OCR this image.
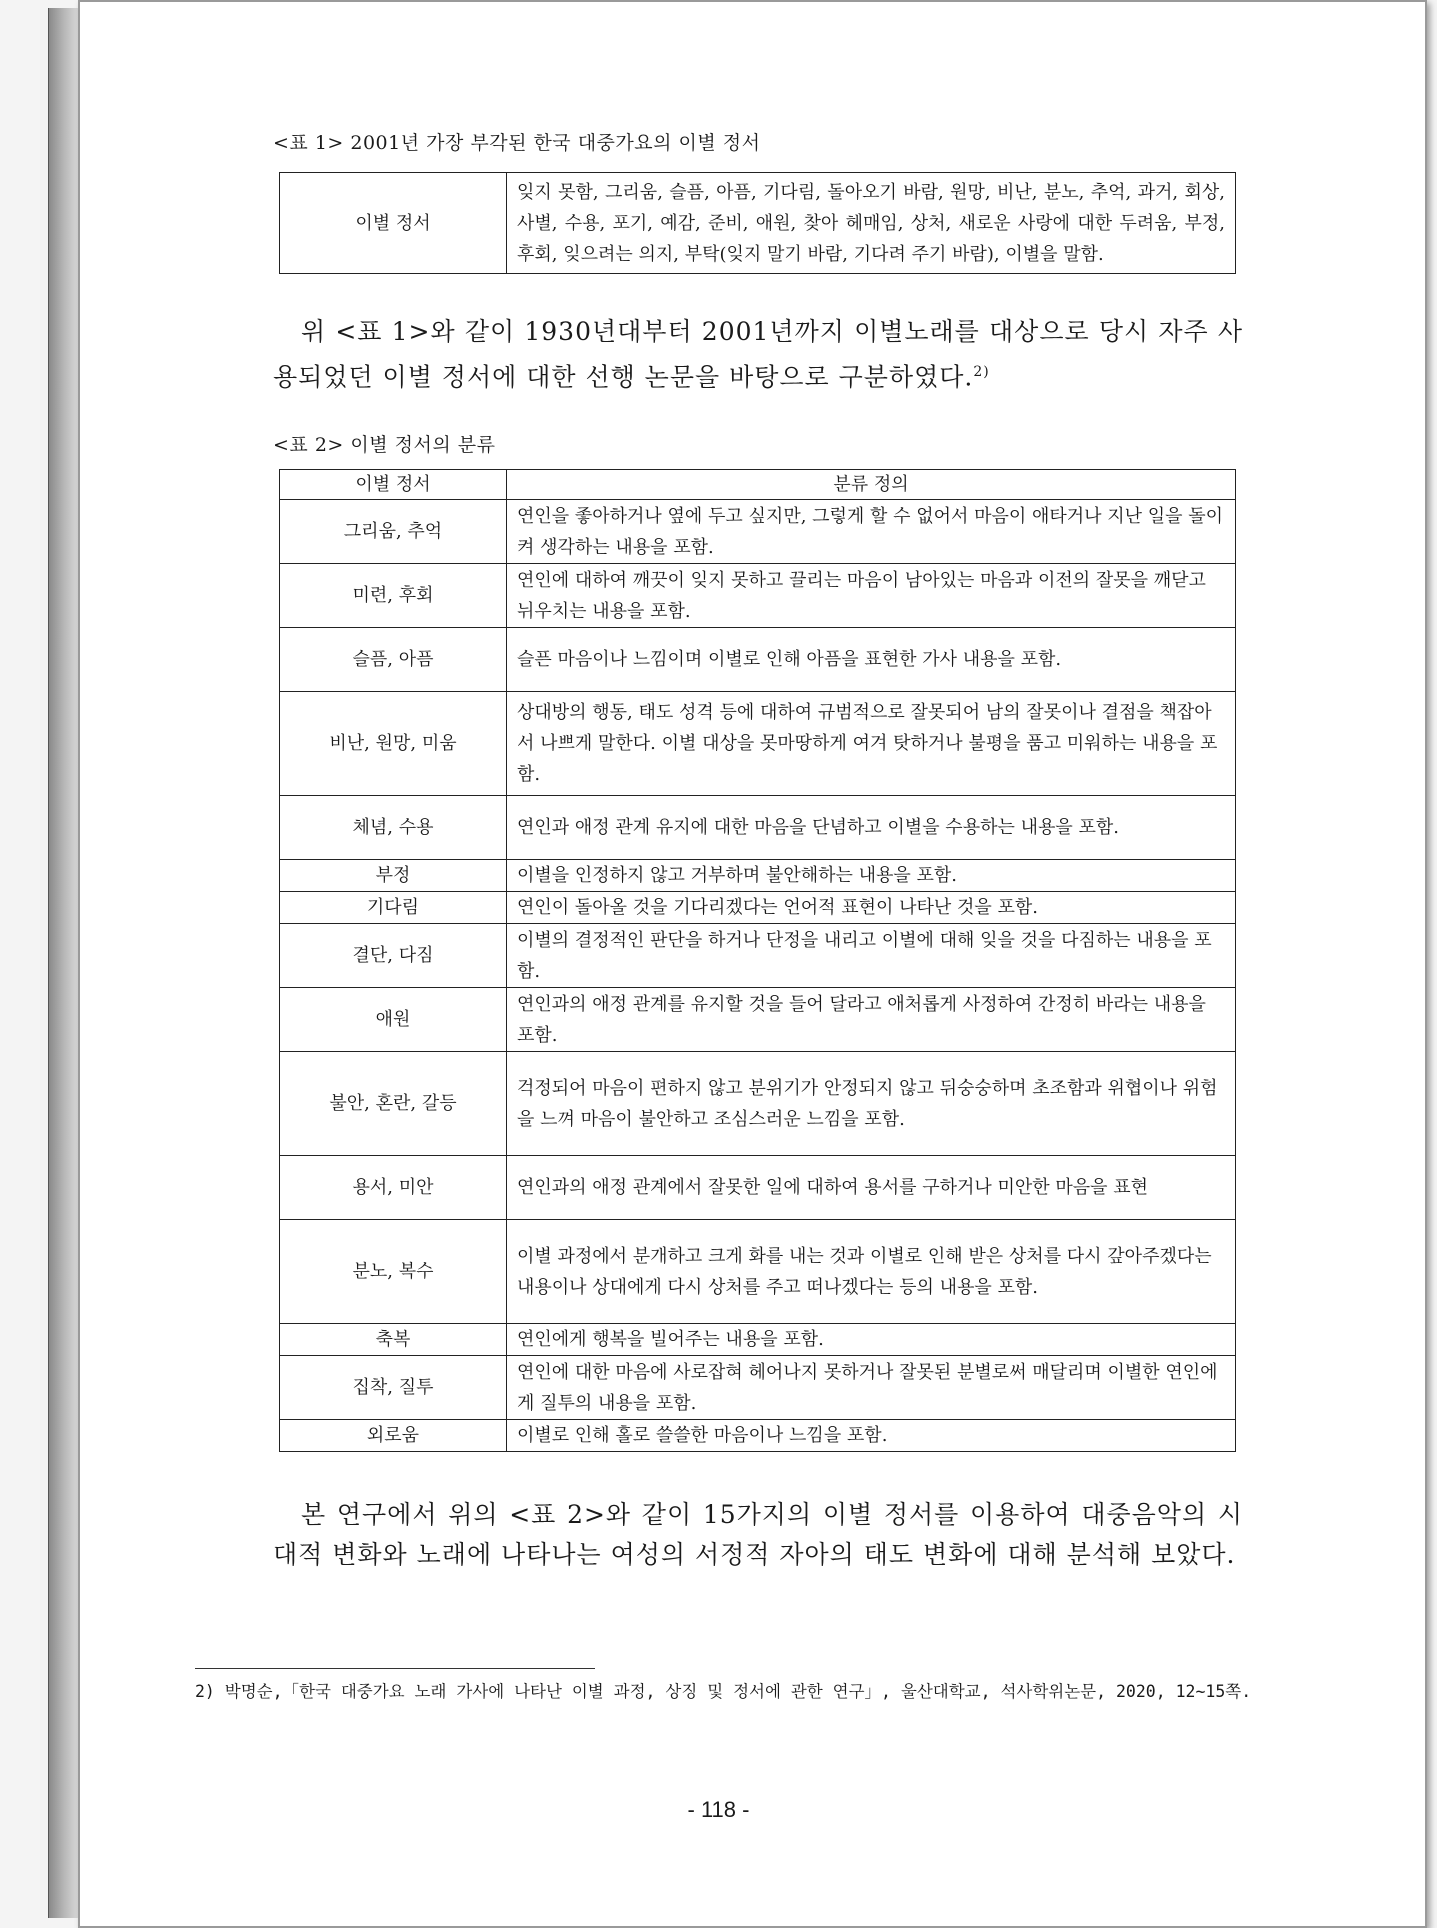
<표 1> 2001년 가장 부각된 한국 대중가요의 이별 정서
이별 정서	잊지 못함, 그리움, 슬픔, 아픔, 기다림, 돌아오기 바람, 원망, 비난, 분노, 추억, 과거, 회상, 사별, 수용, 포기, 예감, 준비, 애원, 찾아 헤매임, 상처, 새로운 사랑에 대한 두려움, 부정, 후회, 잊으려는 의지, 부탁(잊지 말기 바람, 기다려 주기 바람), 이별을 말함.
위 <표 1>와 같이 1930년대부터 2001년까지 이별노래를 대상으로 당시 자주 사용되었던 이별 정서에 대한 선행 논문을 바탕으로 구분하였다.$^{2)}$
<표 2> 이별 정서의 분류
이별 정서	분류 정의
그리움, 추억	연인을 좋아하거나 옆에 두고 싶지만, 그렇게 할 수 없어서 마음이 애타거나 지난 일을 돌이켜 생각하는 내용을 포함.
미련, 후회	연인에 대하여 깨끗이 잊지 못하고 끌리는 마음이 남아있는 마음과 이전의 잘못을 깨닫고 뉘우치는 내용을 포함.
슬픔, 아픔	슬픈 마음이나 느낌이며 이별로 인해 아픔을 표현한 가사 내용을 포함.
비난, 원망, 미움	상대방의 행동, 태도 성격 등에 대하여 규범적으로 잘못되어 남의 잘못이나 결점을 책잡아서 나쁘게 말한다. 이별 대상을 못마땅하게 여겨 탓하거나 불평을 품고 미워하는 내용을 포함.
체념, 수용	연인과 애정 관계 유지에 대한 마음을 단념하고 이별을 수용하는 내용을 포함.
부정	이별을 인정하지 않고 거부하며 불안해하는 내용을 포함.
기다림	연인이 돌아올 것을 기다리겠다는 언어적 표현이 나타난 것을 포함.
결단, 다짐	이별의 결정적인 판단을 하거나 단정을 내리고 이별에 대해 잊을 것을 다짐하는 내용을 포함.
애원	연인과의 애정 관계를 유지할 것을 들어 달라고 애처롭게 사정하여 간정히 바라는 내용을 포함.
불안, 혼란, 갈등	걱정되어 마음이 편하지 않고 분위기가 안정되지 않고 뒤숭숭하며 초조함과 위협이나 위험을 느껴 마음이 불안하고 조심스러운 느낌을 포함.
용서, 미안	연인과의 애정 관계에서 잘못한 일에 대하여 용서를 구하거나 미안한 마음을 표현
분노, 복수	이별 과정에서 분개하고 크게 화를 내는 것과 이별로 인해 받은 상처를 다시 갚아주겠다는 내용이나 상대에게 다시 상처를 주고 떠나겠다는 등의 내용을 포함.
축복	연인에게 행복을 빌어주는 내용을 포함.
집착, 질투	연인에 대한 마음에 사로잡혀 헤어나지 못하거나 잘못된 분별로써 매달리며 이별한 연인에게 질투의 내용을 포함.
외로움	이별로 인해 홀로 쓸쓸한 마음이나 느낌을 포함.
본 연구에서 위의 <표 2>와 같이 15가지의 이별 정서를 이용하여 대중음악의 시대적 변화와 노래에 나타나는 여성의 서정적 자아의 태도 변화에 대해 분석해 보았다.
2) 박명순,「한국 대중가요 노래 가사에 나타난 이별 과정, 상징 및 정서에 관한 연구」, 울산대학교, 석사학위논문, 2020, 12~15쪽.
- 118 -
